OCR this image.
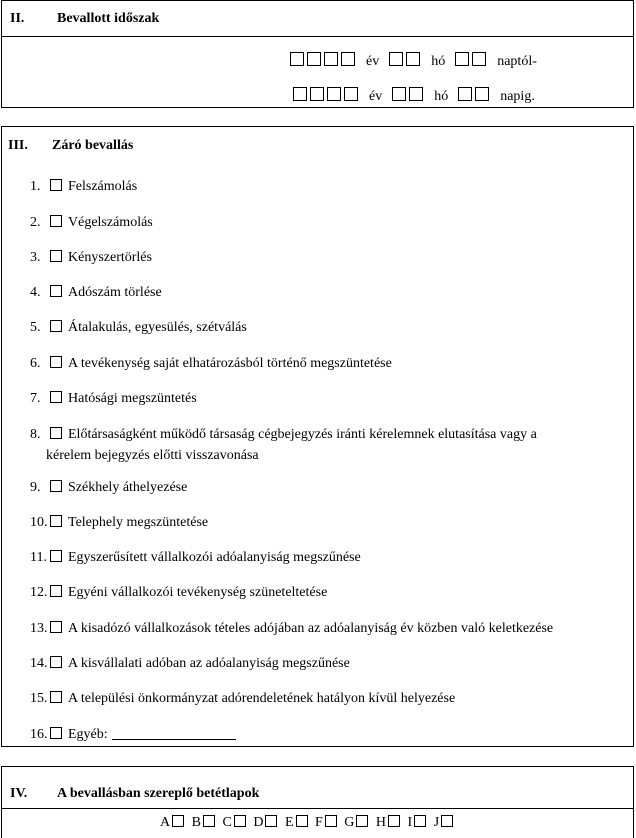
II. Bevallott időszak
év	hó	naptól-
év	hó	napig.
III. Záró bevallás
1. Felszámolás
2. Végelszámolás
3. Kényszertörlés
4. Adószám törlése
5. Átalakulás, egyesülés, szétválás
6. A tevékenység saját elhatározásból történő megszüntetése
7. Hatósági megszüntetés
8. Előtársaságként működő társaság cégbejegyzés iránti kérelemnek elutasítása vagy a
kérelem bejegyzés előtti visszavonása
9. Székhely áthelyezése
10. Telephely megszüntetése
11. Egyszerűsített vállalkozói adóalanyiság megszűnése
12. Egyéni vállalkozói tevékenység szüneteltetése
13. A kisadózó vállalkozások tételes adójában az adóalanyiság év közben való keletkezése
14. A kisvállalati adóban az adóalanyiság megszűnése
15. A települési önkormányzat adórendeletének hatályon kívül helyezése
16. Egyéb:
IV. A bevallásban szereplő betétlapok
A B C D E F G H I J
